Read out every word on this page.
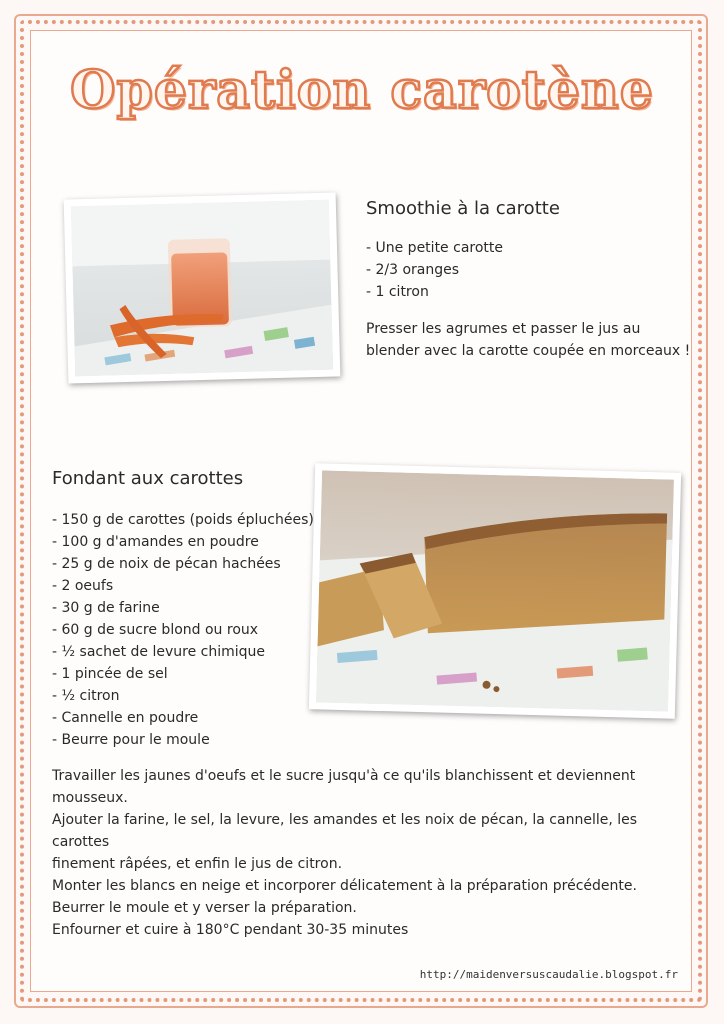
Opération carotène
Smoothie à la carotte
- Une petite carotte
- 2/3 oranges
- 1 citron

Presser les agrumes et passer le jus au

blender avec la carotte coupée en morceaux !

Fondant aux carottes
- 150 g de carottes (poids épluchées)
- 100 g d'amandes en poudre
- 25 g de noix de pécan hachées
- 2 oeufs
- 30 g de farine
- 60 g de sucre blond ou roux
- ½ sachet de levure chimique
- 1 pincée de sel
- ½ citron
- Cannelle en poudre
- Beurre pour le moule

Travailler les jaunes d'oeufs et le sucre jusqu'à ce qu'ils blanchissent et deviennent

mousseux.

Ajouter la farine, le sel, la levure, les amandes et les noix de pécan, la cannelle, les carottes

finement râpées, et enfin le jus de citron.

Monter les blancs en neige et incorporer délicatement à la préparation précédente.

Beurrer le moule et y verser la préparation.

Enfourner et cuire à 180°C pendant 30-35 minutes

http://maidenversuscaudalie.blogspot.fr
